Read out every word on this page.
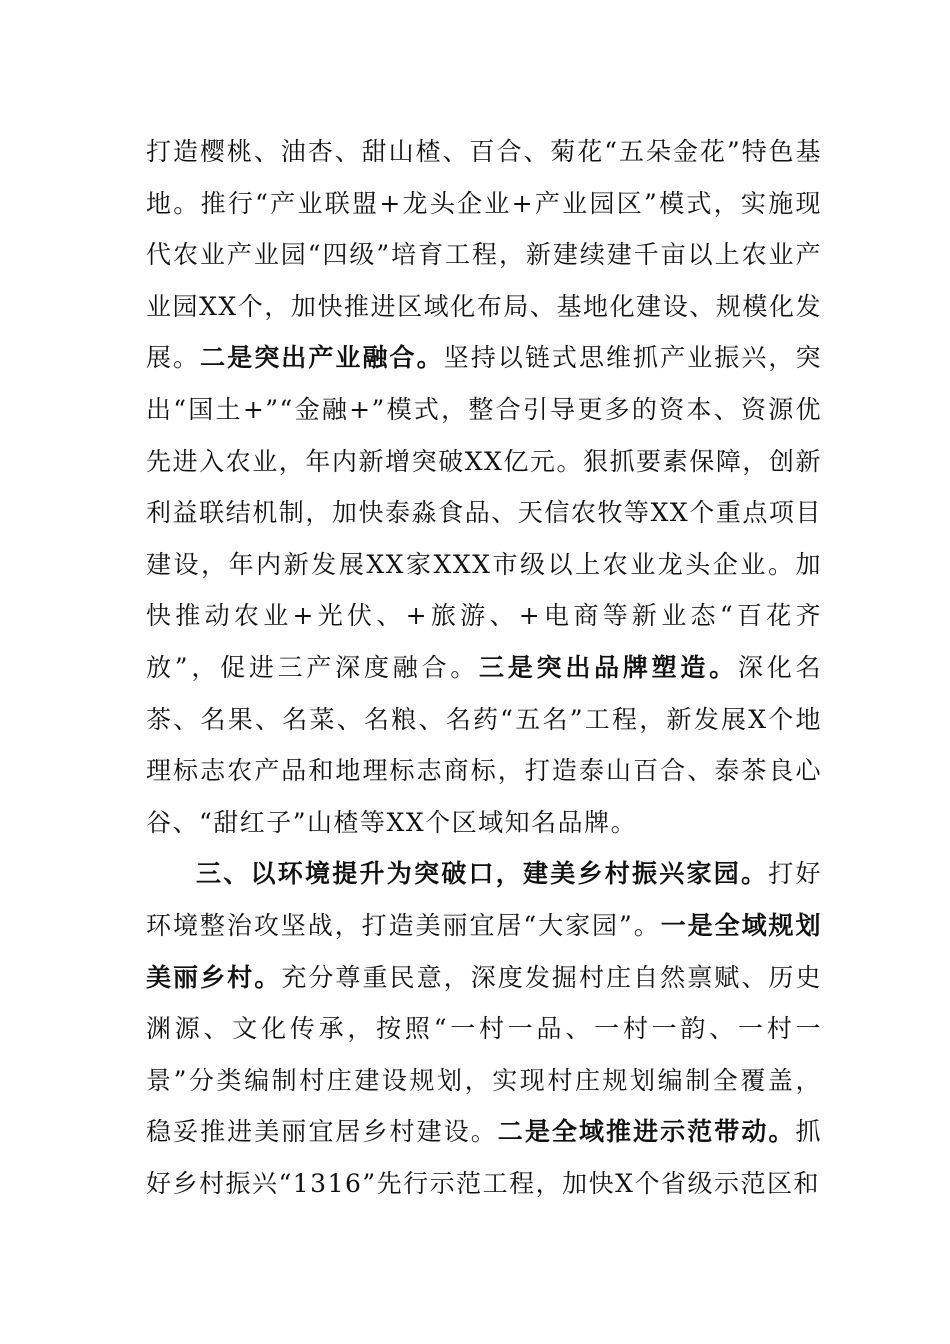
打造樱桃、油杏、甜山楂、百合、菊花“五朵金花”特色基地。推行“产业联盟+龙头企业+产业园区”模式，实施现代农业产业园“四级”培育工程，新建续建千亩以上农业产业园XX个，加快推进区域化布局、基地化建设、规模化发展。二是突出产业融合。坚持以链式思维抓产业振兴，突出“国土+”“金融+”模式，整合引导更多的资本、资源优先进入农业，年内新增突破XX亿元。狠抓要素保障，创新利益联结机制，加快泰淼食品、天信农牧等XX个重点项目建设，年内新发展XX家XXX市级以上农业龙头企业。加快推动农业+光伏、+旅游、+电商等新业态“百花齐放”，促进三产深度融合。三是突出品牌塑造。深化名茶、名果、名菜、名粮、名药“五名”工程，新发展X个地理标志农产品和地理标志商标，打造泰山百合、泰茶良心谷、“甜红子”山楂等XX个区域知名品牌。

三、以环境提升为突破口，建美乡村振兴家园。打好环境整治攻坚战，打造美丽宜居“大家园”。一是全域规划美丽乡村。充分尊重民意，深度发掘村庄自然禀赋、历史渊源、文化传承，按照“一村一品、一村一韵、一村一景”分类编制村庄建设规划，实现村庄规划编制全覆盖，稳妥推进美丽宜居乡村建设。二是全域推进示范带动。抓好乡村振兴“1316”先行示范工程，加快X个省级示范区和
